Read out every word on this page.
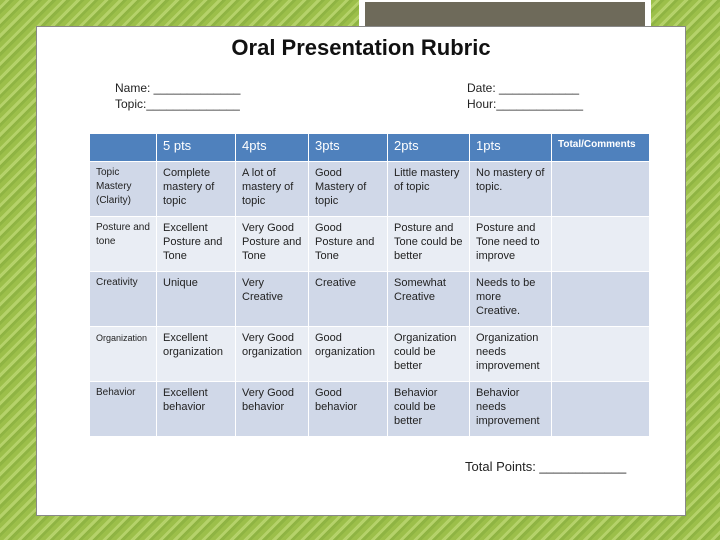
Oral Presentation Rubric
Name: _____________
Topic:______________
Date: ____________
Hour:_____________
	5 pts	4pts	3pts	2pts	1pts	Total/Comments
Topic Mastery (Clarity)	Complete mastery of topic	A lot of mastery of topic	Good Mastery of topic	Little mastery of topic	No mastery of topic.	
Posture and tone	Excellent Posture and Tone	Very Good Posture and Tone	Good Posture and Tone	Posture and Tone could be better	Posture and Tone need to improve	
Creativity	Unique	Very Creative	Creative	Somewhat Creative	Needs to be more Creative.	
Organization	Excellent organization	Very Good organization	Good organization	Organization could be better	Organization needs improvement	
Behavior	Excellent behavior	Very Good behavior	Good behavior	Behavior could be better	Behavior needs improvement	
Total Points: ____________
